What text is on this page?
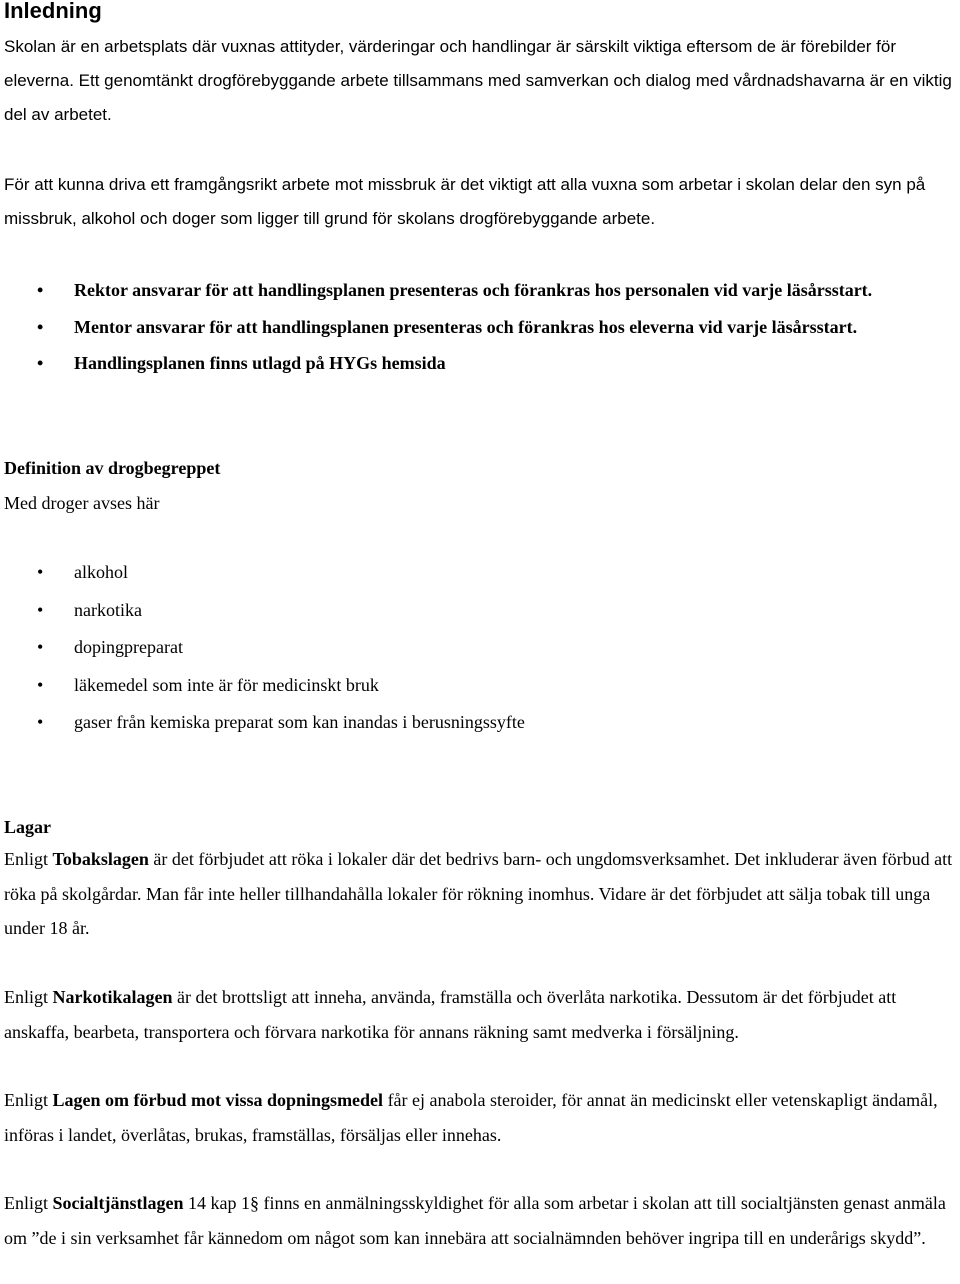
Inledning
Skolan är en arbetsplats där vuxnas attityder, värderingar och handlingar är särskilt viktiga eftersom de är förebilder för eleverna. Ett genomtänkt drogförebyggande arbete tillsammans med samverkan och dialog med vårdnadshavarna är en viktig del av arbetet.
För att kunna driva ett framgångsrikt arbete mot missbruk är det viktigt att alla vuxna som arbetar i skolan delar den syn på missbruk, alkohol och doger som ligger till grund för skolans drogförebyggande arbete.
• Rektor ansvarar för att handlingsplanen presenteras och förankras hos personalen vid varje läsårsstart.
• Mentor ansvarar för att handlingsplanen presenteras och förankras hos eleverna vid varje läsårsstart.
• Handlingsplanen finns utlagd på HYGs hemsida
Definition av drogbegreppet
Med droger avses här
• alkohol
• narkotika
• dopingpreparat
• läkemedel som inte är för medicinskt bruk
• gaser från kemiska preparat som kan inandas i berusningssyfte
Lagar
Enligt Tobakslagen är det förbjudet att röka i lokaler där det bedrivs barn- och ungdomsverksamhet. Det inkluderar även förbud att röka på skolgårdar. Man får inte heller tillhandahålla lokaler för rökning inomhus. Vidare är det förbjudet att sälja tobak till unga under 18 år.
Enligt Narkotikalagen är det brottsligt att inneha, använda, framställa och överlåta narkotika. Dessutom är det förbjudet att anskaffa, bearbeta, transportera och förvara narkotika för annans räkning samt medverka i försäljning.
Enligt Lagen om förbud mot vissa dopningsmedel får ej anabola steroider, för annat än medicinskt eller vetenskapligt ändamål, införas i landet, överlåtas, brukas, framställas, försäljas eller innehas.
Enligt Socialtjänstlagen 14 kap 1§ finns en anmälningsskyldighet för alla som arbetar i skolan att till socialtjänsten genast anmäla om ”de i sin verksamhet får kännedom om något som kan innebära att socialnämnden behöver ingripa till en underårigs skydd”.
